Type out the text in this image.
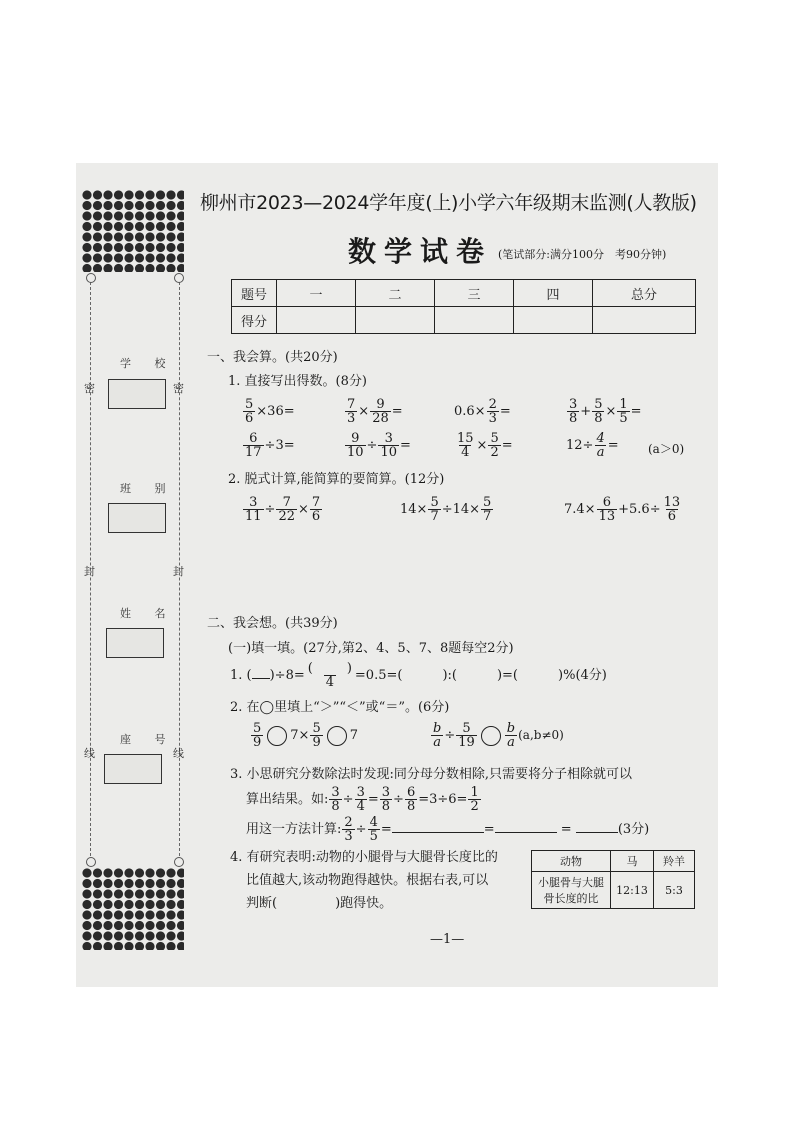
学 校
班 别
姓 名
座 号
密
封
线
密
封
线
柳州市2023—2024学年度(上)小学六年级期末监测(人教版)
数学试卷 (笔试部分:满分100分　考90分钟)
题号	一	二	三	四	总分
得分					
一、我会算。(共20分)
1. 直接写出得数。(8分)
$\frac{5}{6} \times 36=$	$\frac{7}{3} \times \frac{9}{28}$ =	$0.6\times \frac{2}{3}$ =	$\frac{3}{8} + \frac{5}{8} \times \frac{1}{5}$ =
$\frac{6}{17} \div 3=$	$\frac{9}{10} \div \frac{3}{10}$ =	$\frac{15}{4} \times \frac{5}{2}$ =	$12\div \frac{4}{a} = (a>0)$
2. 脱式计算,能简算的要简算。(12分)
$\frac{3}{11} \div \frac{7}{22} \times \frac{7}{6}$	$14\times \frac{5}{7} \div 14\times \frac{5}{7}$	$7.4\times \frac{6}{13} +5.6\div \frac{13}{6}$
二、我会想。(共39分)
(一)填一填。(27分,第2、4、5、7、8题每空2分)
1. ( )÷8= (	)
4 =0.5=(	):(	)=(	)%(4分)
2. 在◯里填上“＞”“＜”或“＝”。(6分)
$\frac{5}{9} 7\times \frac{5}{9} 7$	$\frac{b}{a} \div \frac{5}{19} \frac{b}{a} (a,b\ne 0)$
3. 小思研究分数除法时发现:同分母分数相除,只需要将分子相除就可以
算出结果。如: $\frac{3}{8} \div \frac{3}{4} = \frac{3}{8} \div \frac{6}{8} =3\div 6= \frac{1}{2}$
用这一方法计算: $\frac{2}{3} \div \frac{4}{5}$ =	=	=	(3分)
4. 有研究表明:动物的小腿骨与大腿骨长度比的
比值越大,该动物跑得越快。根据右表,可以
判断(	)跑得快。
动物	马	羚羊
小腿骨与大腿
骨长度的比	12:13	5:3
—1—
